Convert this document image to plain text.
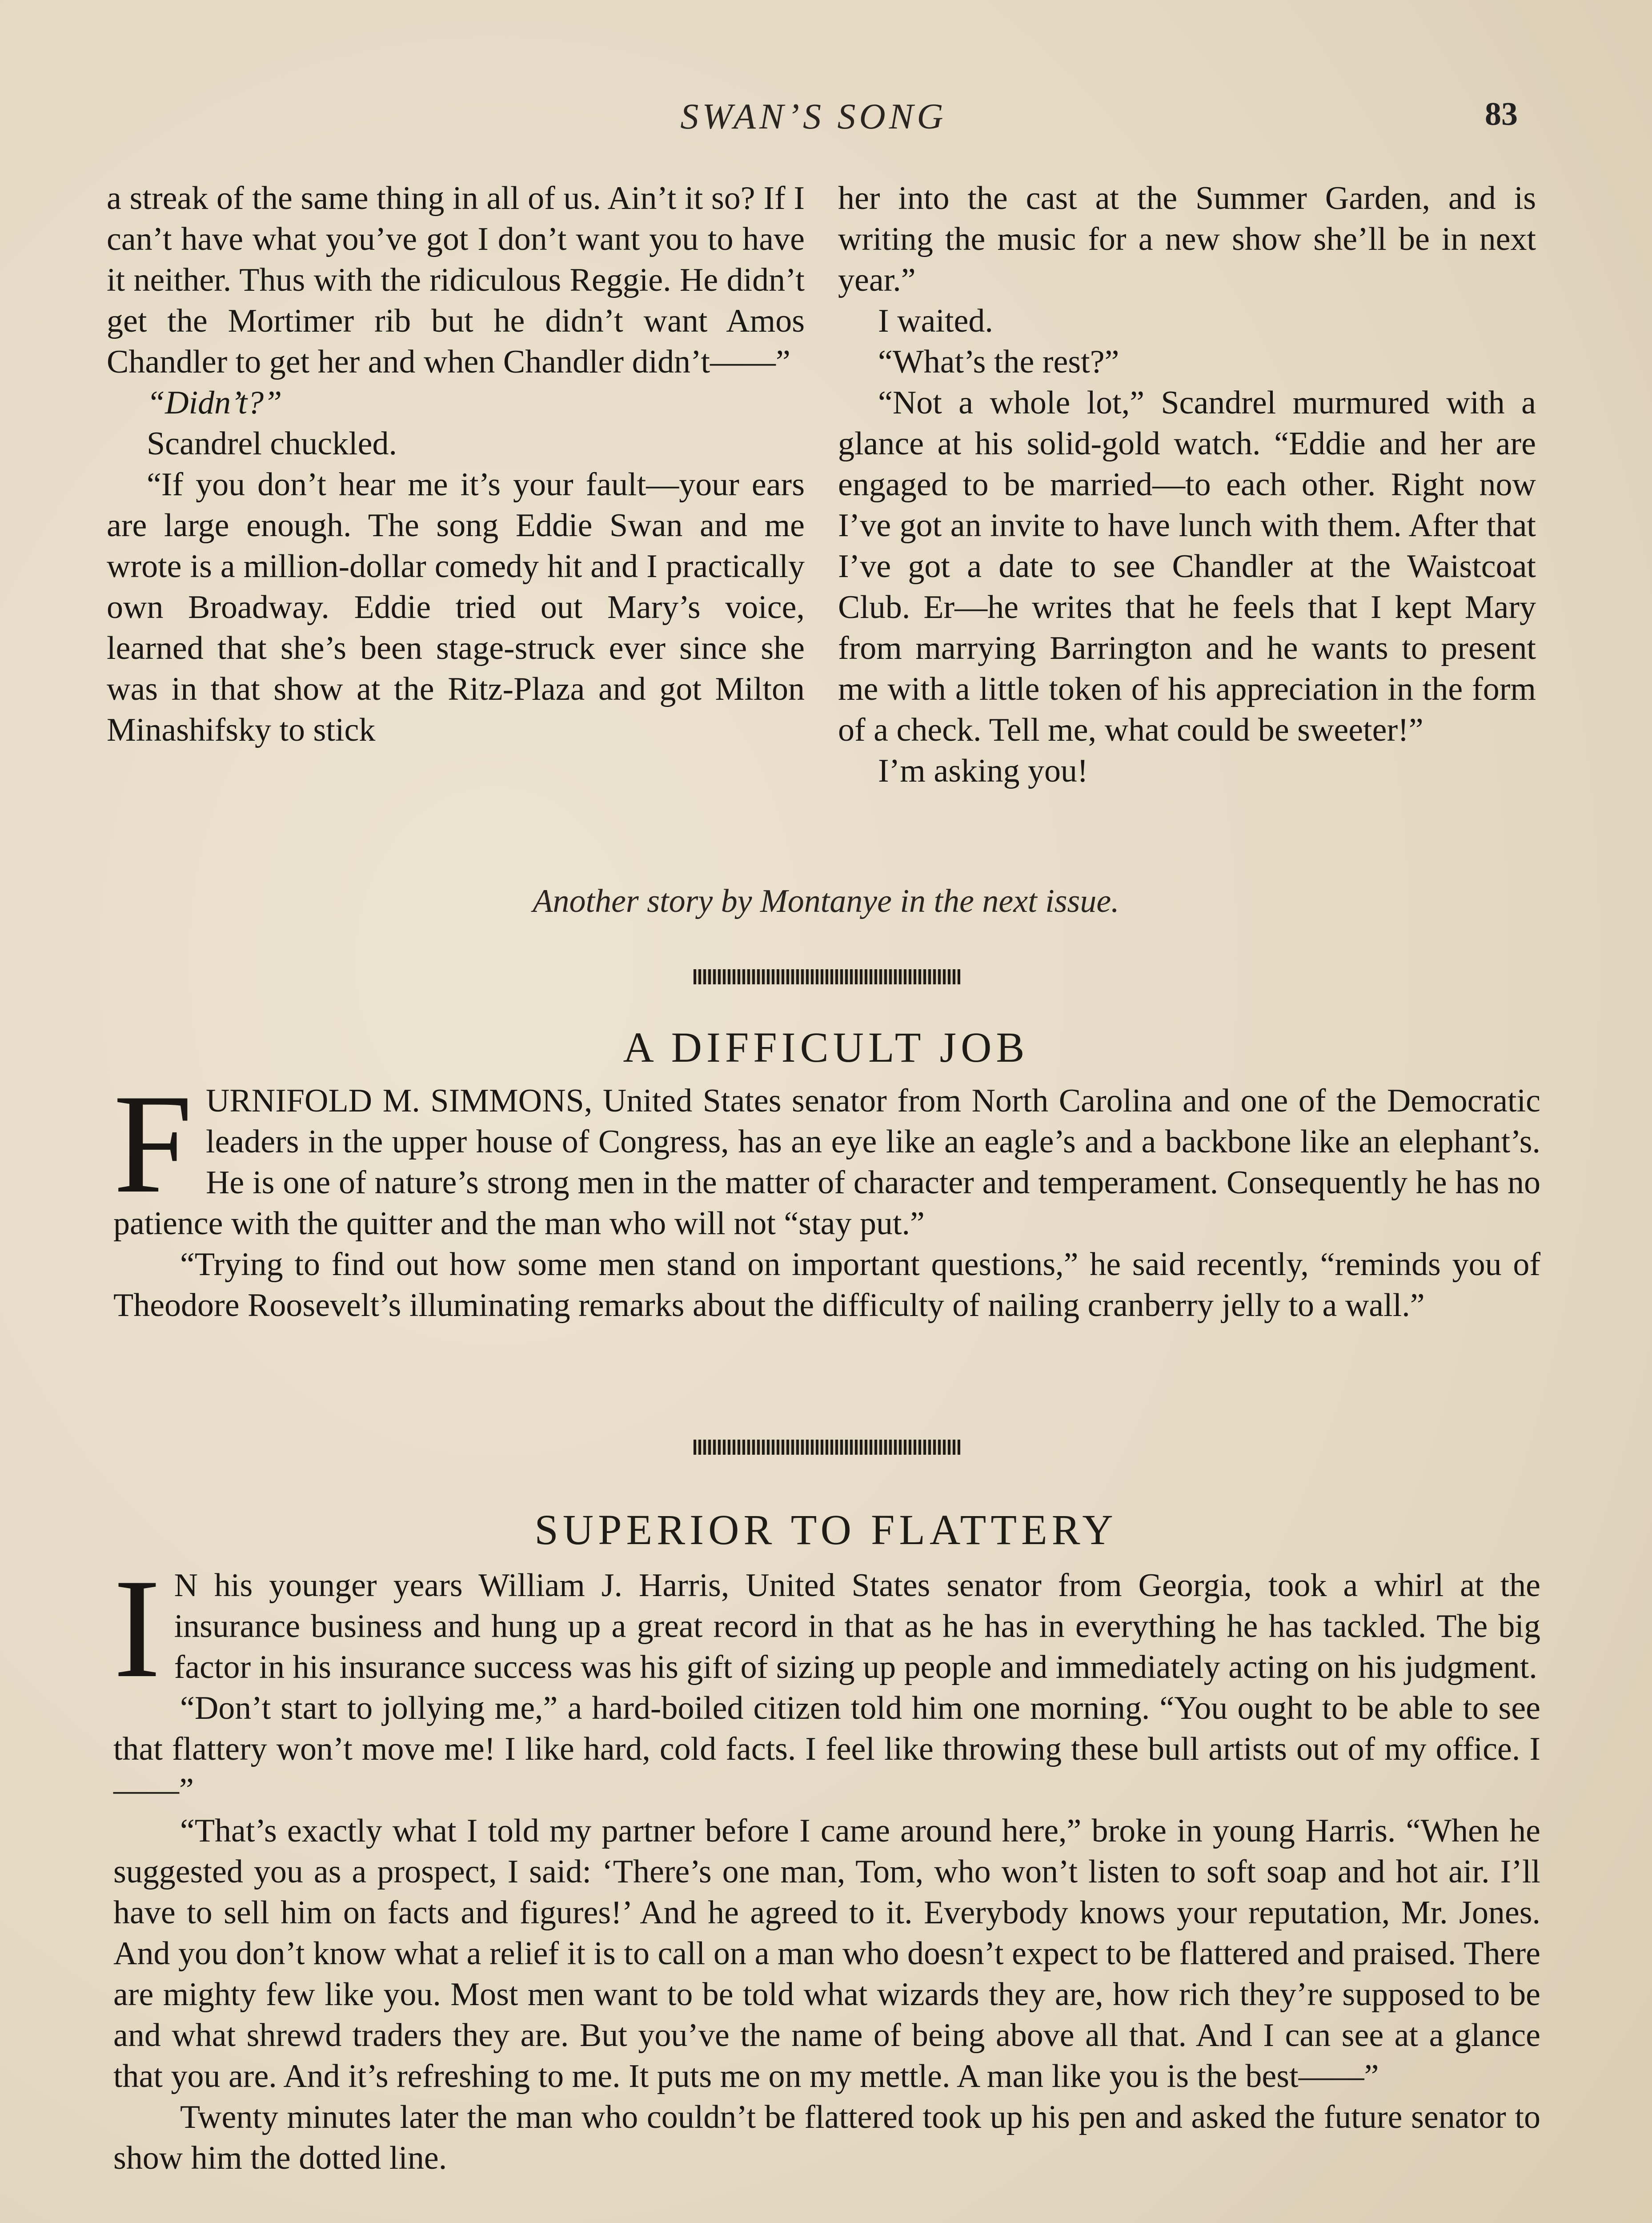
SWAN’S SONG	83

a streak of the same thing in all of us. Ain’t it so? If I can’t have what you’ve got I don’t want you to have it neither. Thus with the ridiculous Reggie. He didn’t get the Mortimer rib but he didn’t want Amos Chandler to get her and when Chandler didn’t——”

“Didn’t?”

Scandrel chuckled.

“If you don’t hear me it’s your fault—your ears are large enough. The song Eddie Swan and me wrote is a million-dollar comedy hit and I practically own Broadway. Eddie tried out Mary’s voice, learned that she’s been stage-struck ever since she was in that show at the Ritz-Plaza and got Milton Minashifsky to stick

her into the cast at the Summer Garden, and is writing the music for a new show she’ll be in next year.”

I waited.

“What’s the rest?”

“Not a whole lot,” Scandrel murmured with a glance at his solid-gold watch. “Eddie and her are engaged to be married—to each other. Right now I’ve got an invite to have lunch with them. After that I’ve got a date to see Chandler at the Waistcoat Club. Er—he writes that he feels that I kept Mary from marrying Barrington and he wants to present me with a little token of his appreciation in the form of a check. Tell me, what could be sweeter!”

I’m asking you!

Another story by Montanye in the next issue.
A DIFFICULT JOB

FURNIFOLD M. SIMMONS, United States senator from North Carolina and one of the Democratic leaders in the upper house of Congress, has an eye like an eagle’s and a backbone like an elephant’s. He is one of nature’s strong men in the matter of character and temperament. Consequently he has no patience with the quitter and the man who will not “stay put.”

“Trying to find out how some men stand on important questions,” he said recently, “reminds you of Theodore Roosevelt’s illuminating remarks about the difficulty of nailing cranberry jelly to a wall.”

SUPERIOR TO FLATTERY

I N his younger years William J. Harris, United States senator from Georgia, took a whirl at the insurance business and hung up a great record in that as he has in everything he has tackled. The big factor in his insurance success was his gift of sizing up people and immediately acting on his judgment.

“Don’t start to jollying me,” a hard-boiled citizen told him one morning. “You ought to be able to see that flattery won’t move me! I like hard, cold facts. I feel like throwing these bull artists out of my office. I——”

“That’s exactly what I told my partner before I came around here,” broke in young Harris. “When he suggested you as a prospect, I said: ‘There’s one man, Tom, who won’t listen to soft soap and hot air. I’ll have to sell him on facts and figures!’ And he agreed to it. Everybody knows your reputation, Mr. Jones. And you don’t know what a relief it is to call on a man who doesn’t expect to be flattered and praised. There are mighty few like you. Most men want to be told what wizards they are, how rich they’re supposed to be and what shrewd traders they are. But you’ve the name of being above all that. And I can see at a glance that you are. And it’s refreshing to me. It puts me on my mettle. A man like you is the best——”

Twenty minutes later the man who couldn’t be flattered took up his pen and asked the future senator to show him the dotted line.
